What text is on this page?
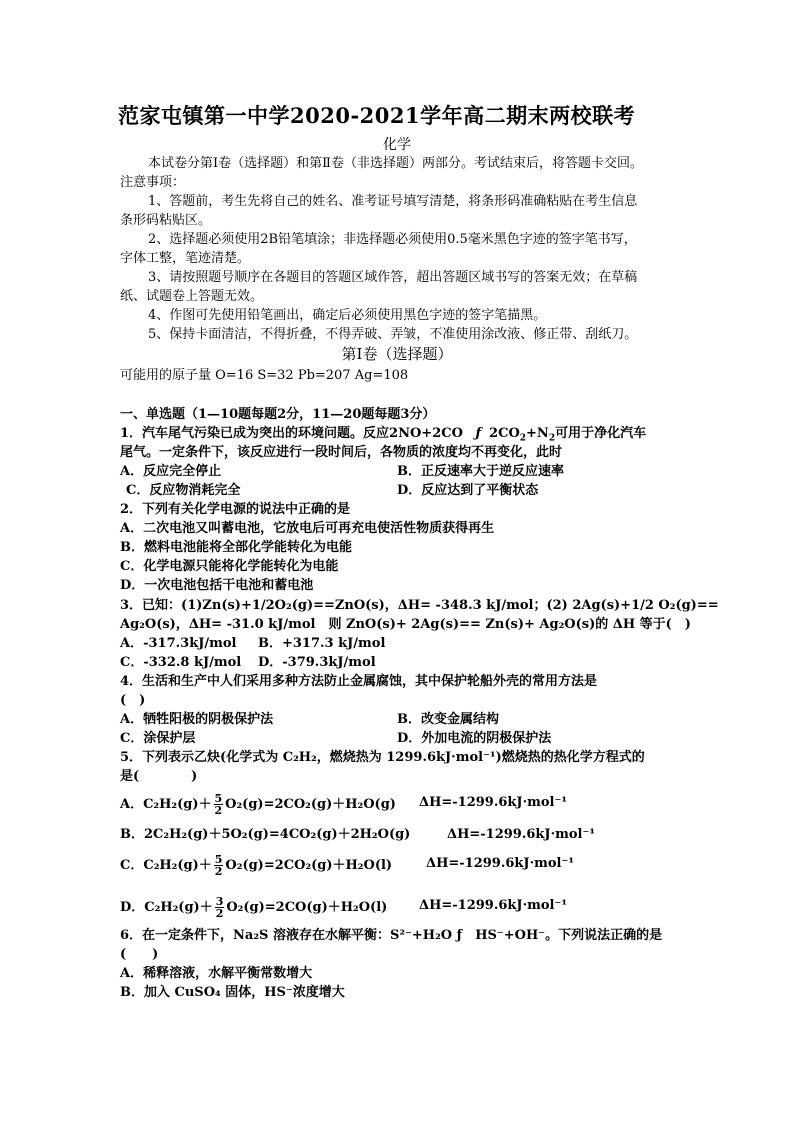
范家屯镇第一中学2020-2021学年高二期末两校联考
化学
本试卷分第Ⅰ卷（选择题）和第Ⅱ卷（非选择题）两部分。考试结束后，将答题卡交回。
注意事项：
1、答题前，考生先将自己的姓名、准考证号填写清楚，将条形码准确粘贴在考生信息
条形码粘贴区。
2、选择题必须使用2B铅笔填涂；非选择题必须使用0.5毫米黑色字迹的签字笔书写，
字体工整，笔迹清楚。
3、请按照题号顺序在各题目的答题区域作答，超出答题区域书写的答案无效；在草稿
纸、试题卷上答题无效。
4、作图可先使用铅笔画出，确定后必须使用黑色字迹的签字笔描黑。
5、保持卡面清洁，不得折叠，不得弄破、弄皱，不准使用涂改液、修正带、刮纸刀。
第Ⅰ卷（选择题）
可能用的原子量 O=16 S=32 Pb=207 Ag=108
一、单选题（1—10题每题2分，11—20题每题3分）
1．汽车尾气污染已成为突出的环境问题。反应2NO+2CO ƒ $2CO_2+N_2$可用于净化汽车
尾气。一定条件下，该反应进行一段时间后，各物质的浓度均不再变化，此时
A．反应完全停止	B．正反速率大于逆反应速率
C．反应物消耗完全	D．反应达到了平衡状态
2．下列有关化学电源的说法中正确的是
A．二次电池又叫蓄电池，它放电后可再充电使活性物质获得再生
B．燃料电池能将全部化学能转化为电能
C．化学电源只能将化学能转化为电能
D．一次电池包括干电池和蓄电池
3．已知：(1)Zn(s)+1/2O₂(g)==ZnO(s)，ΔH= -348.3 kJ/mol；(2) 2Ag(s)+1/2 O₂(g)==
Ag₂O(s)，ΔH= -31.0 kJ/mol　则 ZnO(s)+ 2Ag(s)== Zn(s)+ Ag₂O(s)的 ΔH 等于(　)
A．-317.3kJ/mol B．+317.3 kJ/mol
C．-332.8 kJ/mol D．-379.3kJ/mol
4．生活和生产中人们采用多种方法防止金属腐蚀，其中保护轮船外壳的常用方法是
(　)
A．牺牲阳极的阴极保护法	B．改变金属结构
C．涂保护层	D．外加电流的阴极保护法
5．下列表示乙炔(化学式为 C₂H₂，燃烧热为 1299.6kJ·mol⁻¹)燃烧热的热化学方程式的
是(　　　　)
A．$C_2H_2(g)+ \frac{5}{2} O_2(g)=2CO_2(g)+H_2O(g)$ ΔH=-1299.6kJ·mol⁻¹
B．2C₂H₂(g)＋5O₂(g)=4CO₂(g)＋2H₂O(g)	ΔH=-1299.6kJ·mol⁻¹
C．$C_2H_2(g)+ \frac{5}{2} O_2(g)=2CO_2(g)+H_2O(l)$	ΔH=-1299.6kJ·mol⁻¹
D．$C_2H_2(g)+ \frac{3}{2} O_2(g)=2CO(g)+H_2O(l)$ ΔH=-1299.6kJ·mol⁻¹
6．在一定条件下，Na₂S 溶液存在水解平衡：S²⁻+H₂O ƒ　HS⁻+OH⁻。下列说法正确的是
(　　)
A．稀释溶液，水解平衡常数增大
B．加入 CuSO₄ 固体，HS⁻浓度增大
